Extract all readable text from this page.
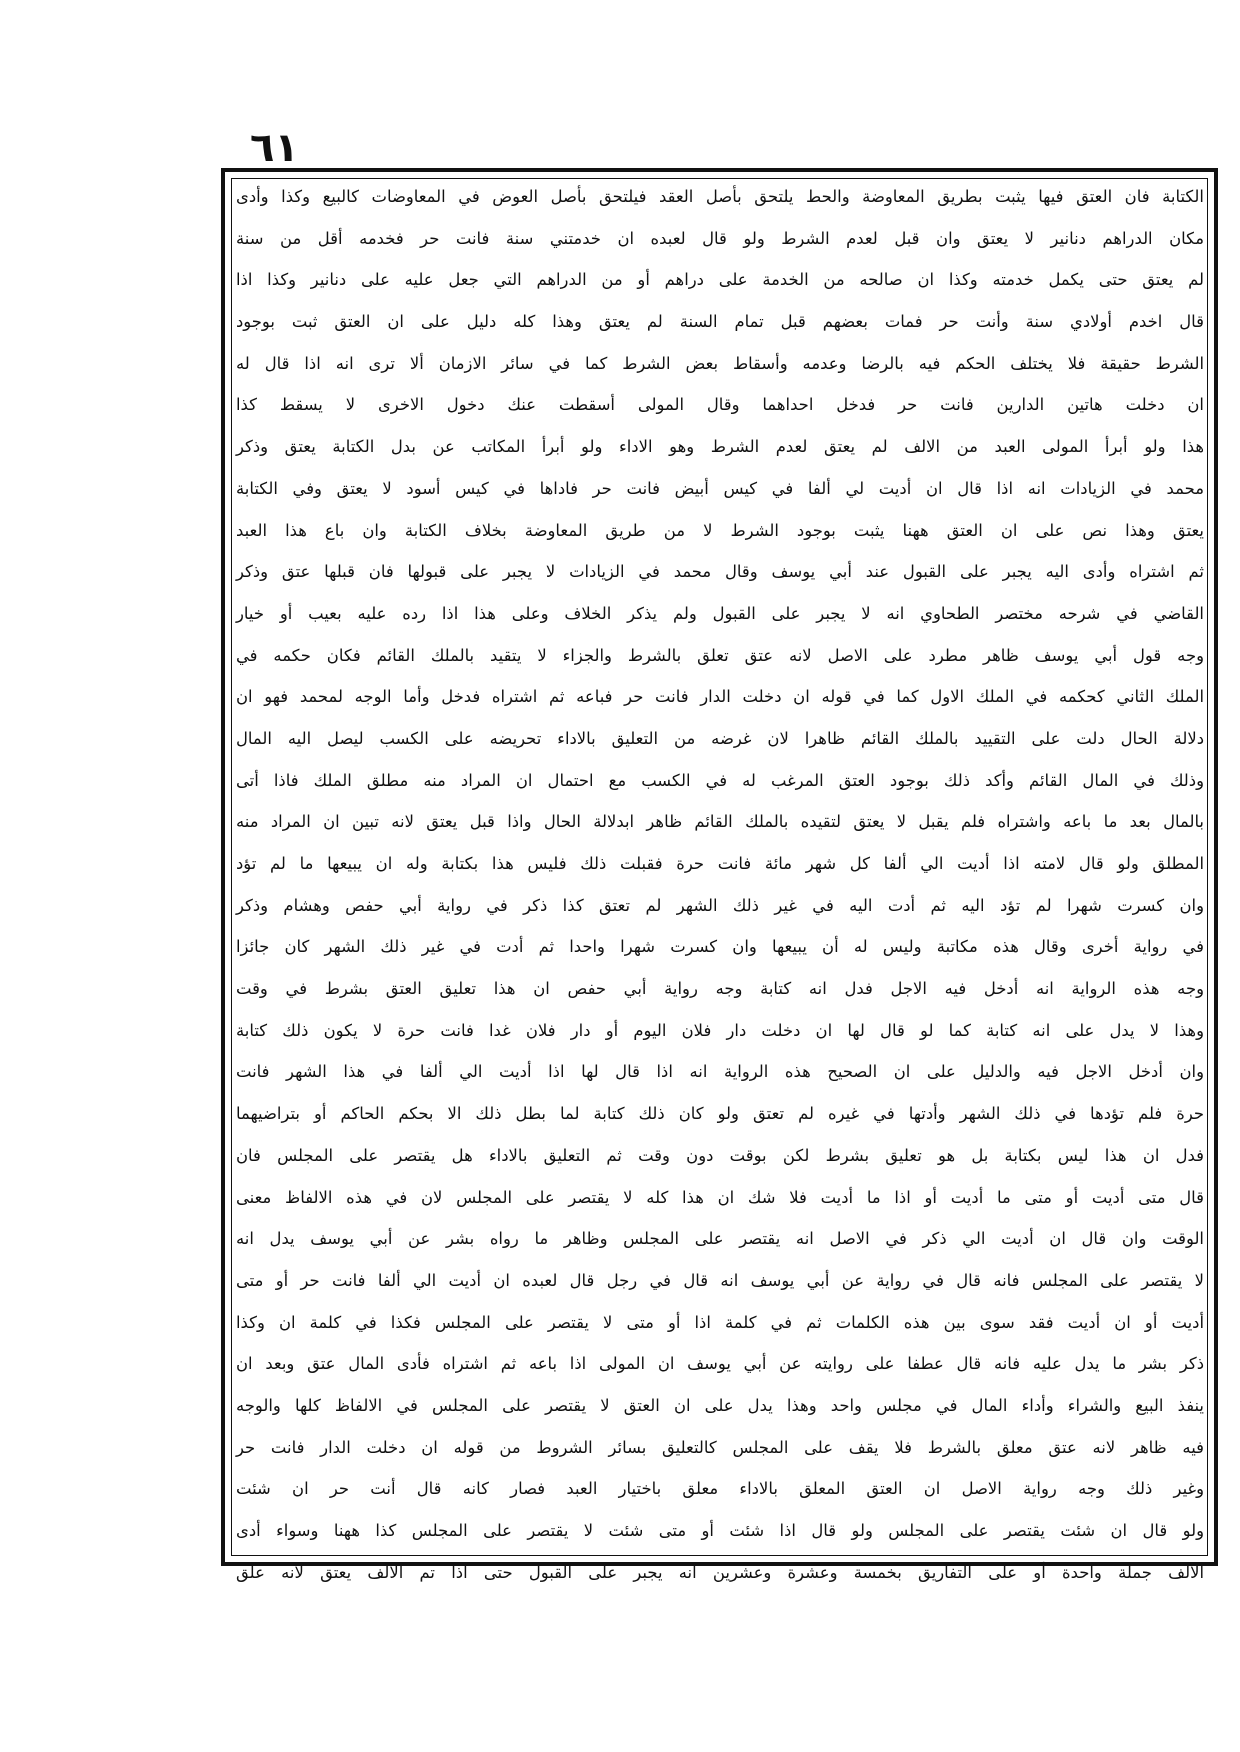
٦١
الكتابة فان العتق فيها يثبت بطريق المعاوضة والحط يلتحق بأصل العقد فيلتحق بأصل العوض في المعاوضات كالبيع وكذا وأدى
مكان الدراهم دنانير لا يعتق وان قبل لعدم الشرط ولو قال لعبده ان خدمتني سنة فانت حر فخدمه أقل من سنة
لم يعتق حتى يكمل خدمته وكذا ان صالحه من الخدمة على دراهم أو من الدراهم التي جعل عليه على دنانير وكذا اذا
قال اخدم أولادي سنة وأنت حر فمات بعضهم قبل تمام السنة لم يعتق وهذا كله دليل على ان العتق ثبت بوجود
الشرط حقيقة فلا يختلف الحكم فيه بالرضا وعدمه وأسقاط بعض الشرط كما في سائر الازمان ألا ترى انه اذا قال له
ان دخلت هاتين الدارين فانت حر فدخل احداهما وقال المولى أسقطت عنك دخول الاخرى لا يسقط كذا
هذا ولو أبرأ المولى العبد من الالف لم يعتق لعدم الشرط وهو الاداء ولو أبرأ المكاتب عن بدل الكتابة يعتق وذكر
محمد في الزيادات انه اذا قال ان أديت لي ألفا في كيس أبيض فانت حر فاداها في كيس أسود لا يعتق وفي الكتابة
يعتق وهذا نص على ان العتق ههنا يثبت بوجود الشرط لا من طريق المعاوضة بخلاف الكتابة وان باع هذا العبد
ثم اشتراه وأدى اليه يجبر على القبول عند أبي يوسف وقال محمد في الزيادات لا يجبر على قبولها فان قبلها عتق وذكر
القاضي في شرحه مختصر الطحاوي انه لا يجبر على القبول ولم يذكر الخلاف وعلى هذا اذا رده عليه بعيب أو خيار
وجه قول أبي يوسف ظاهر مطرد على الاصل لانه عتق تعلق بالشرط والجزاء لا يتقيد بالملك القائم فكان حكمه في
الملك الثاني كحكمه في الملك الاول كما في قوله ان دخلت الدار فانت حر فباعه ثم اشتراه فدخل وأما الوجه لمحمد فهو ان
دلالة الحال دلت على التقييد بالملك القائم ظاهرا لان غرضه من التعليق بالاداء تحريضه على الكسب ليصل اليه المال
وذلك في المال القائم وأكد ذلك بوجود العتق المرغب له في الكسب مع احتمال ان المراد منه مطلق الملك فاذا أتى
بالمال بعد ما باعه واشتراه فلم يقبل لا يعتق لتقيده بالملك القائم ظاهر ابدلالة الحال واذا قبل يعتق لانه تبين ان المراد منه
المطلق ولو قال لامته اذا أديت الي ألفا كل شهر مائة فانت حرة فقبلت ذلك فليس هذا بكتابة وله ان يبيعها ما لم تؤد
وان كسرت شهرا لم تؤد اليه ثم أدت اليه في غير ذلك الشهر لم تعتق كذا ذكر في رواية أبي حفص وهشام وذكر
في رواية أخرى وقال هذه مكاتبة وليس له أن يبيعها وان كسرت شهرا واحدا ثم أدت في غير ذلك الشهر كان جائزا
وجه هذه الرواية انه أدخل فيه الاجل فدل انه كتابة وجه رواية أبي حفص ان هذا تعليق العتق بشرط في وقت
وهذا لا يدل على انه كتابة كما لو قال لها ان دخلت دار فلان اليوم أو دار فلان غدا فانت حرة لا يكون ذلك كتابة
وان أدخل الاجل فيه والدليل على ان الصحيح هذه الرواية انه اذا قال لها اذا أديت الي ألفا في هذا الشهر فانت
حرة فلم تؤدها في ذلك الشهر وأدتها في غيره لم تعتق ولو كان ذلك كتابة لما بطل ذلك الا بحكم الحاكم أو بتراضيهما
فدل ان هذا ليس بكتابة بل هو تعليق بشرط لكن بوقت دون وقت ثم التعليق بالاداء هل يقتصر على المجلس فان
قال متى أديت أو متى ما أديت أو اذا ما أديت فلا شك ان هذا كله لا يقتصر على المجلس لان في هذه الالفاظ معنى
الوقت وان قال ان أديت الي ذكر في الاصل انه يقتصر على المجلس وظاهر ما رواه بشر عن أبي يوسف يدل انه
لا يقتصر على المجلس فانه قال في رواية عن أبي يوسف انه قال في رجل قال لعبده ان أديت الي ألفا فانت حر أو متى
أديت أو ان أديت فقد سوى بين هذه الكلمات ثم في كلمة اذا أو متى لا يقتصر على المجلس فكذا في كلمة ان وكذا
ذكر بشر ما يدل عليه فانه قال عطفا على روايته عن أبي يوسف ان المولى اذا باعه ثم اشتراه فأدى المال عتق وبعد ان
ينفذ البيع والشراء وأداء المال في مجلس واحد وهذا يدل على ان العتق لا يقتصر على المجلس في الالفاظ كلها والوجه
فيه ظاهر لانه عتق معلق بالشرط فلا يقف على المجلس كالتعليق بسائر الشروط من قوله ان دخلت الدار فانت حر
وغير ذلك وجه رواية الاصل ان العتق المعلق بالاداء معلق باختيار العبد فصار كانه قال أنت حر ان شئت
ولو قال ان شئت يقتصر على المجلس ولو قال اذا شئت أو متى شئت لا يقتصر على المجلس كذا ههنا وسواء أدى
الالف جملة واحدة أو على التفاريق بخمسة وعشرة وعشرين انه يجبر على القبول حتى اذا تم الالف يعتق لانه علق
